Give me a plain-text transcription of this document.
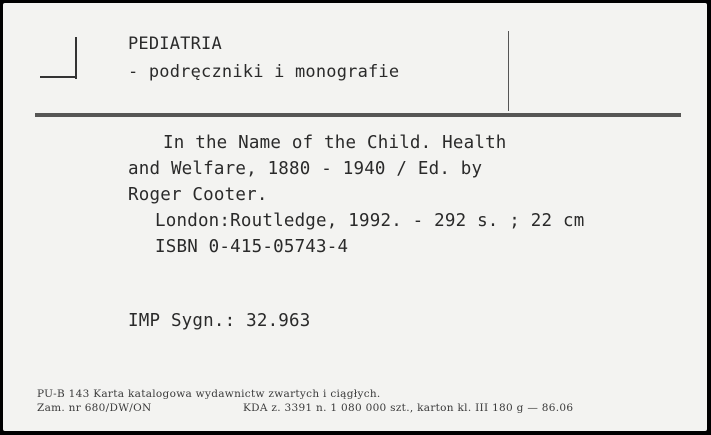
PEDIATRIA
- podręczniki i monografie
In the Name of the Child. Health
and Welfare, 1880 - 1940 / Ed. by
Roger Cooter.
London:Routledge, 1992. - 292 s. ; 22 cm
ISBN 0-415-05743-4
IMP Sygn.: 32.963
PU-B 143 Karta katalogowa wydawnictw zwartych i ciągłych.
Zam. nr 680/DW/ON	KDA z. 3391 n. 1 080 000 szt., karton kl. III 180 g — 86.06
